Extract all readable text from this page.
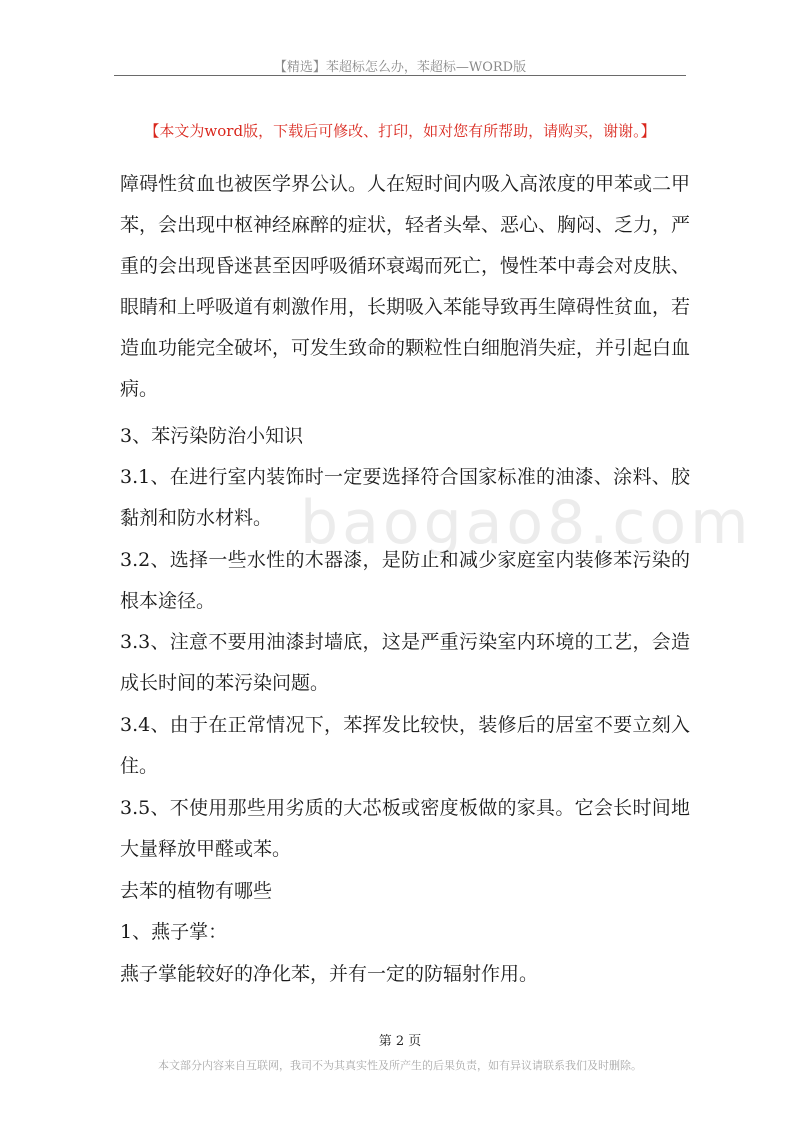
【精选】苯超标怎么办，苯超标—WORD版
【本文为word版，下载后可修改、打印，如对您有所帮助，请购买，谢谢。】
baogao8.com
障碍性贫血也被医学界公认。人在短时间内吸入高浓度的甲苯或二甲
苯，会出现中枢神经麻醉的症状，轻者头晕、恶心、胸闷、乏力，严
重的会出现昏迷甚至因呼吸循环衰竭而死亡，慢性苯中毒会对皮肤、
眼睛和上呼吸道有刺激作用，长期吸入苯能导致再生障碍性贫血，若
造血功能完全破坏，可发生致命的颗粒性白细胞消失症，并引起白血
病。
3、苯污染防治小知识
3.1、在进行室内装饰时一定要选择符合国家标准的油漆、涂料、胶
黏剂和防水材料。
3.2、选择一些水性的木器漆，是防止和减少家庭室内装修苯污染的
根本途径。
3.3、注意不要用油漆封墙底，这是严重污染室内环境的工艺，会造
成长时间的苯污染问题。
3.4、由于在正常情况下，苯挥发比较快，装修后的居室不要立刻入
住。
3.5、不使用那些用劣质的大芯板或密度板做的家具。它会长时间地
大量释放甲醛或苯。
去苯的植物有哪些
1、燕子掌：
燕子掌能较好的净化苯，并有一定的防辐射作用。
第 2 页
本文部分内容来自互联网，我司不为其真实性及所产生的后果负责，如有异议请联系我们及时删除。
